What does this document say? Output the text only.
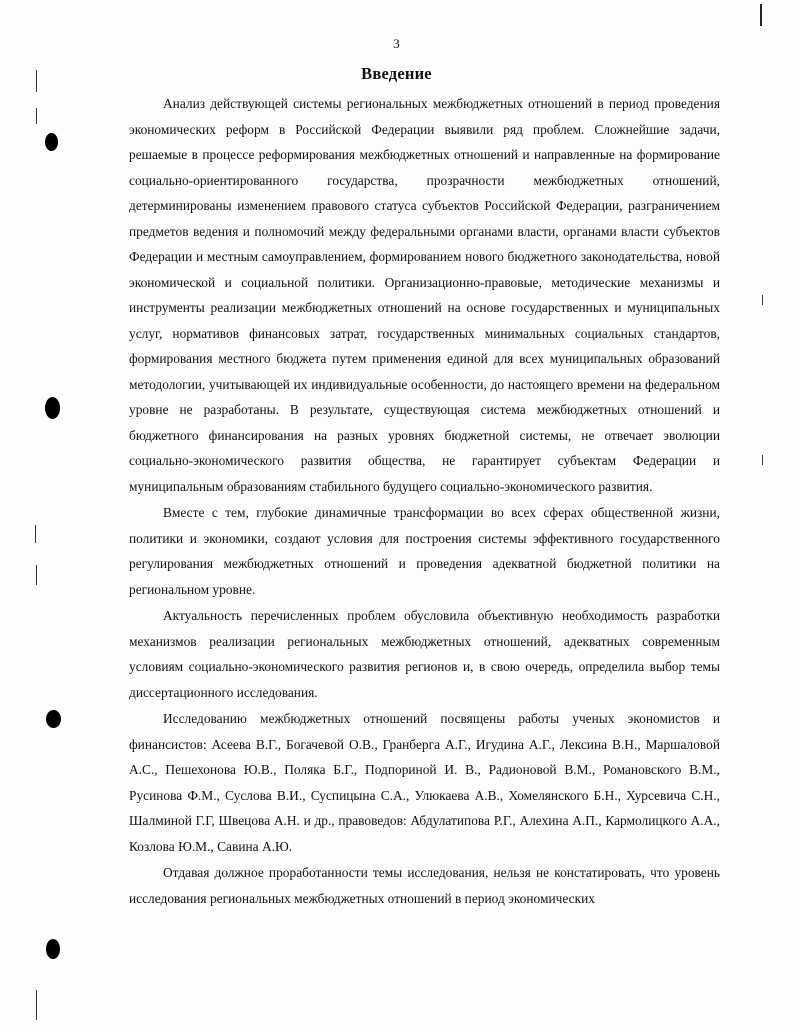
3
Введение

Анализ действующей системы региональных межбюджетных отношений в период проведения экономических реформ в Российской Федерации выявили ряд проблем. Сложнейшие задачи, решаемые в процессе реформирования межбюджетных отношений и направленные на формирование социально-ориентированного государства, прозрачности межбюджетных отношений, детерминированы изменением правового статуса субъектов Российской Федерации, разграничением предметов ведения и полномочий между федеральными органами власти, органами власти субъектов Федерации и местным самоуправлением, формированием нового бюджетного законодательства, новой экономической и социальной политики. Организационно-правовые, методические механизмы и инструменты реализации межбюджетных отношений на основе государственных и муниципальных услуг, нормативов финансовых затрат, государственных минимальных социальных стандартов, формирования местного бюджета путем применения единой для всех муниципальных образований методологии, учитывающей их индивидуальные особенности, до настоящего времени на федеральном уровне не разработаны. В результате, существующая система межбюджетных отношений и бюджетного финансирования на разных уровнях бюджетной системы, не отвечает эволюции социально-экономического развития общества, не гарантирует субъектам Федерации и муниципальным образованиям стабильного будущего социально-экономического развития.

Вместе с тем, глубокие динамичные трансформации во всех сферах общественной жизни, политики и экономики, создают условия для построения системы эффективного государственного регулирования межбюджетных отношений и проведения адекватной бюджетной политики на региональном уровне.

Актуальность перечисленных проблем обусловила объективную необходимость разработки механизмов реализации региональных межбюджетных отношений, адекватных современным условиям социально-экономического развития регионов и, в свою очередь, определила выбор темы диссертационного исследования.

Исследованию межбюджетных отношений посвящены работы ученых экономистов и финансистов: Асеева В.Г., Богачевой О.В., Гранберга А.Г., Игудина А.Г., Лексина В.Н., Маршаловой А.С., Пешехонова Ю.В., Поляка Б.Г., Подпориной И. В., Радионовой В.М., Романовского В.М., Русинова Ф.М., Суслова В.И., Суспицына С.А., Улюкаева А.В., Хомелянского Б.Н., Хурсевича С.Н., Шалминой Г.Г, Швецова А.Н. и др., правоведов: Абдулатипова Р.Г., Алехина А.П., Кармолицкого А.А., Козлова Ю.М., Савина А.Ю.

Отдавая должное проработанности темы исследования, нельзя не констатировать, что уровень исследования региональных межбюджетных отношений в период экономических
